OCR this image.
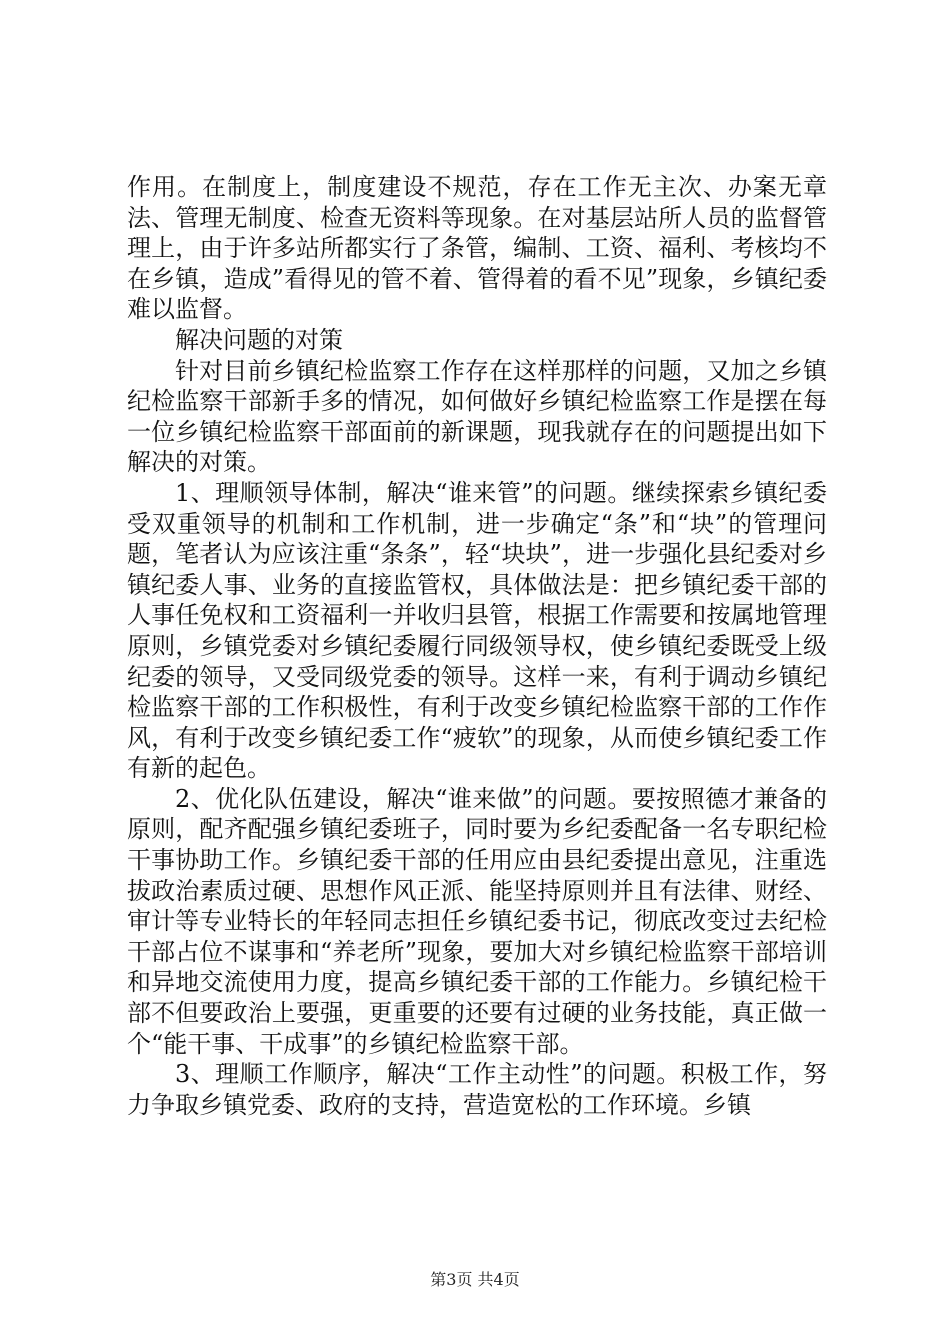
作用。在制度上，制度建设不规范，存在工作无主次、办案无章法、管理无制度、检查无资料等现象。在对基层站所人员的监督管理上，由于许多站所都实行了条管，编制、工资、福利、考核均不在乡镇，造成”看得见的管不着、管得着的看不见”现象，乡镇纪委难以监督。

解决问题的对策

针对目前乡镇纪检监察工作存在这样那样的问题，又加之乡镇纪检监察干部新手多的情况，如何做好乡镇纪检监察工作是摆在每一位乡镇纪检监察干部面前的新课题，现我就存在的问题提出如下解决的对策。

1、理顺领导体制，解决“谁来管”的问题。继续探索乡镇纪委受双重领导的机制和工作机制，进一步确定“条”和“块”的管理问题，笔者认为应该注重“条条”，轻“块块”，进一步强化县纪委对乡镇纪委人事、业务的直接监管权，具体做法是：把乡镇纪委干部的人事任免权和工资福利一并收归县管，根据工作需要和按属地管理原则，乡镇党委对乡镇纪委履行同级领导权，使乡镇纪委既受上级纪委的领导，又受同级党委的领导。这样一来，有利于调动乡镇纪检监察干部的工作积极性，有利于改变乡镇纪检监察干部的工作作风，有利于改变乡镇纪委工作“疲软”的现象，从而使乡镇纪委工作有新的起色。

2、优化队伍建设，解决“谁来做”的问题。要按照德才兼备的原则，配齐配强乡镇纪委班子，同时要为乡纪委配备一名专职纪检干事协助工作。乡镇纪委干部的任用应由县纪委提出意见，注重选拔政治素质过硬、思想作风正派、能坚持原则并且有法律、财经、审计等专业特长的年轻同志担任乡镇纪委书记，彻底改变过去纪检干部占位不谋事和“养老所”现象，要加大对乡镇纪检监察干部培训和异地交流使用力度，提高乡镇纪委干部的工作能力。乡镇纪检干部不但要政治上要强，更重要的还要有过硬的业务技能，真正做一个“能干事、干成事”的乡镇纪检监察干部。

3、理顺工作顺序，解决“工作主动性”的问题。积极工作，努力争取乡镇党委、政府的支持，营造宽松的工作环境。乡镇

第3页 共4页
